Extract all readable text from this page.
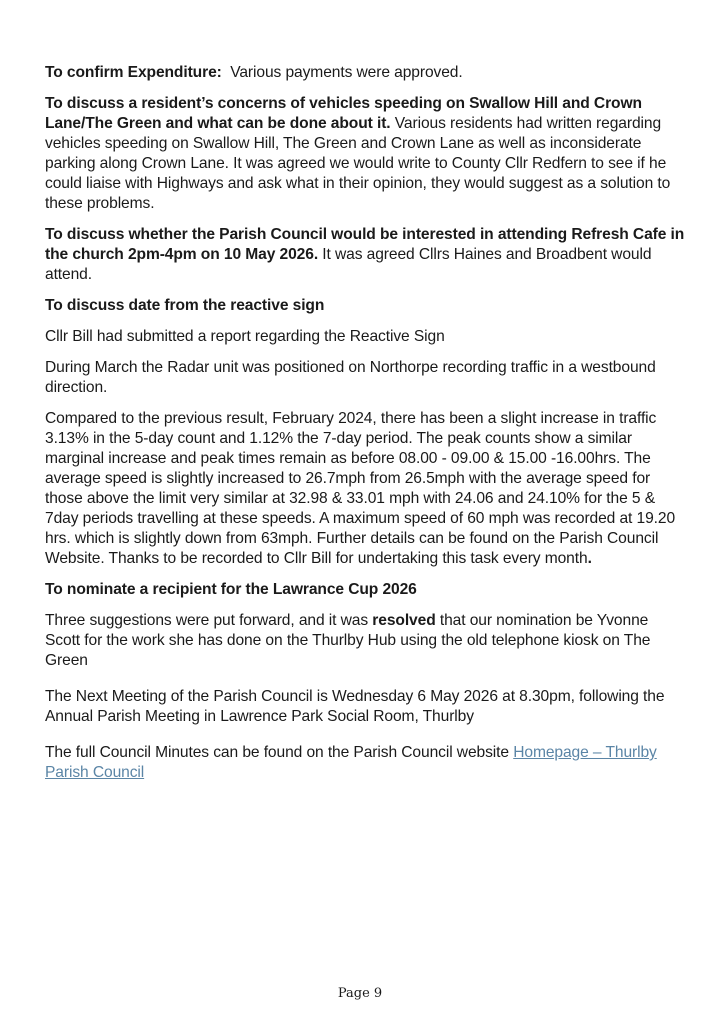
To confirm Expenditure: Various payments were approved.

To discuss a resident’s concerns of vehicles speeding on Swallow Hill and Crown Lane/The Green and what can be done about it. Various residents had written regarding vehicles speeding on Swallow Hill, The Green and Crown Lane as well as inconsiderate parking along Crown Lane. It was agreed we would write to County Cllr Redfern to see if he could liaise with Highways and ask what in their opinion, they would suggest as a solution to these problems.

To discuss whether the Parish Council would be interested in attending Refresh Cafe in the church 2pm-4pm on 10 May 2026. It was agreed Cllrs Haines and Broadbent would attend.

To discuss date from the reactive sign

Cllr Bill had submitted a report regarding the Reactive Sign

During March the Radar unit was positioned on Northorpe recording traffic in a westbound direction.

Compared to the previous result, February 2024, there has been a slight increase in traffic 3.13% in the 5-day count and 1.12% the 7-day period. The peak counts show a similar marginal increase and peak times remain as before 08.00 - 09.00 & 15.00 -16.00hrs. The average speed is slightly increased to 26.7mph from 26.5mph with the average speed for those above the limit very similar at 32.98 & 33.01 mph with 24.06 and 24.10% for the 5 & 7day periods travelling at these speeds. A maximum speed of 60 mph was recorded at 19.20 hrs. which is slightly down from 63mph. Further details can be found on the Parish Council Website. Thanks to be recorded to Cllr Bill for undertaking this task every month.

To nominate a recipient for the Lawrance Cup 2026

Three suggestions were put forward, and it was resolved that our nomination be Yvonne Scott for the work she has done on the Thurlby Hub using the old telephone kiosk on The Green

The Next Meeting of the Parish Council is Wednesday 6 May 2026 at 8.30pm, following the Annual Parish Meeting in Lawrence Park Social Room, Thurlby

The full Council Minutes can be found on the Parish Council website Homepage – Thurlby Parish Council

Page 9
